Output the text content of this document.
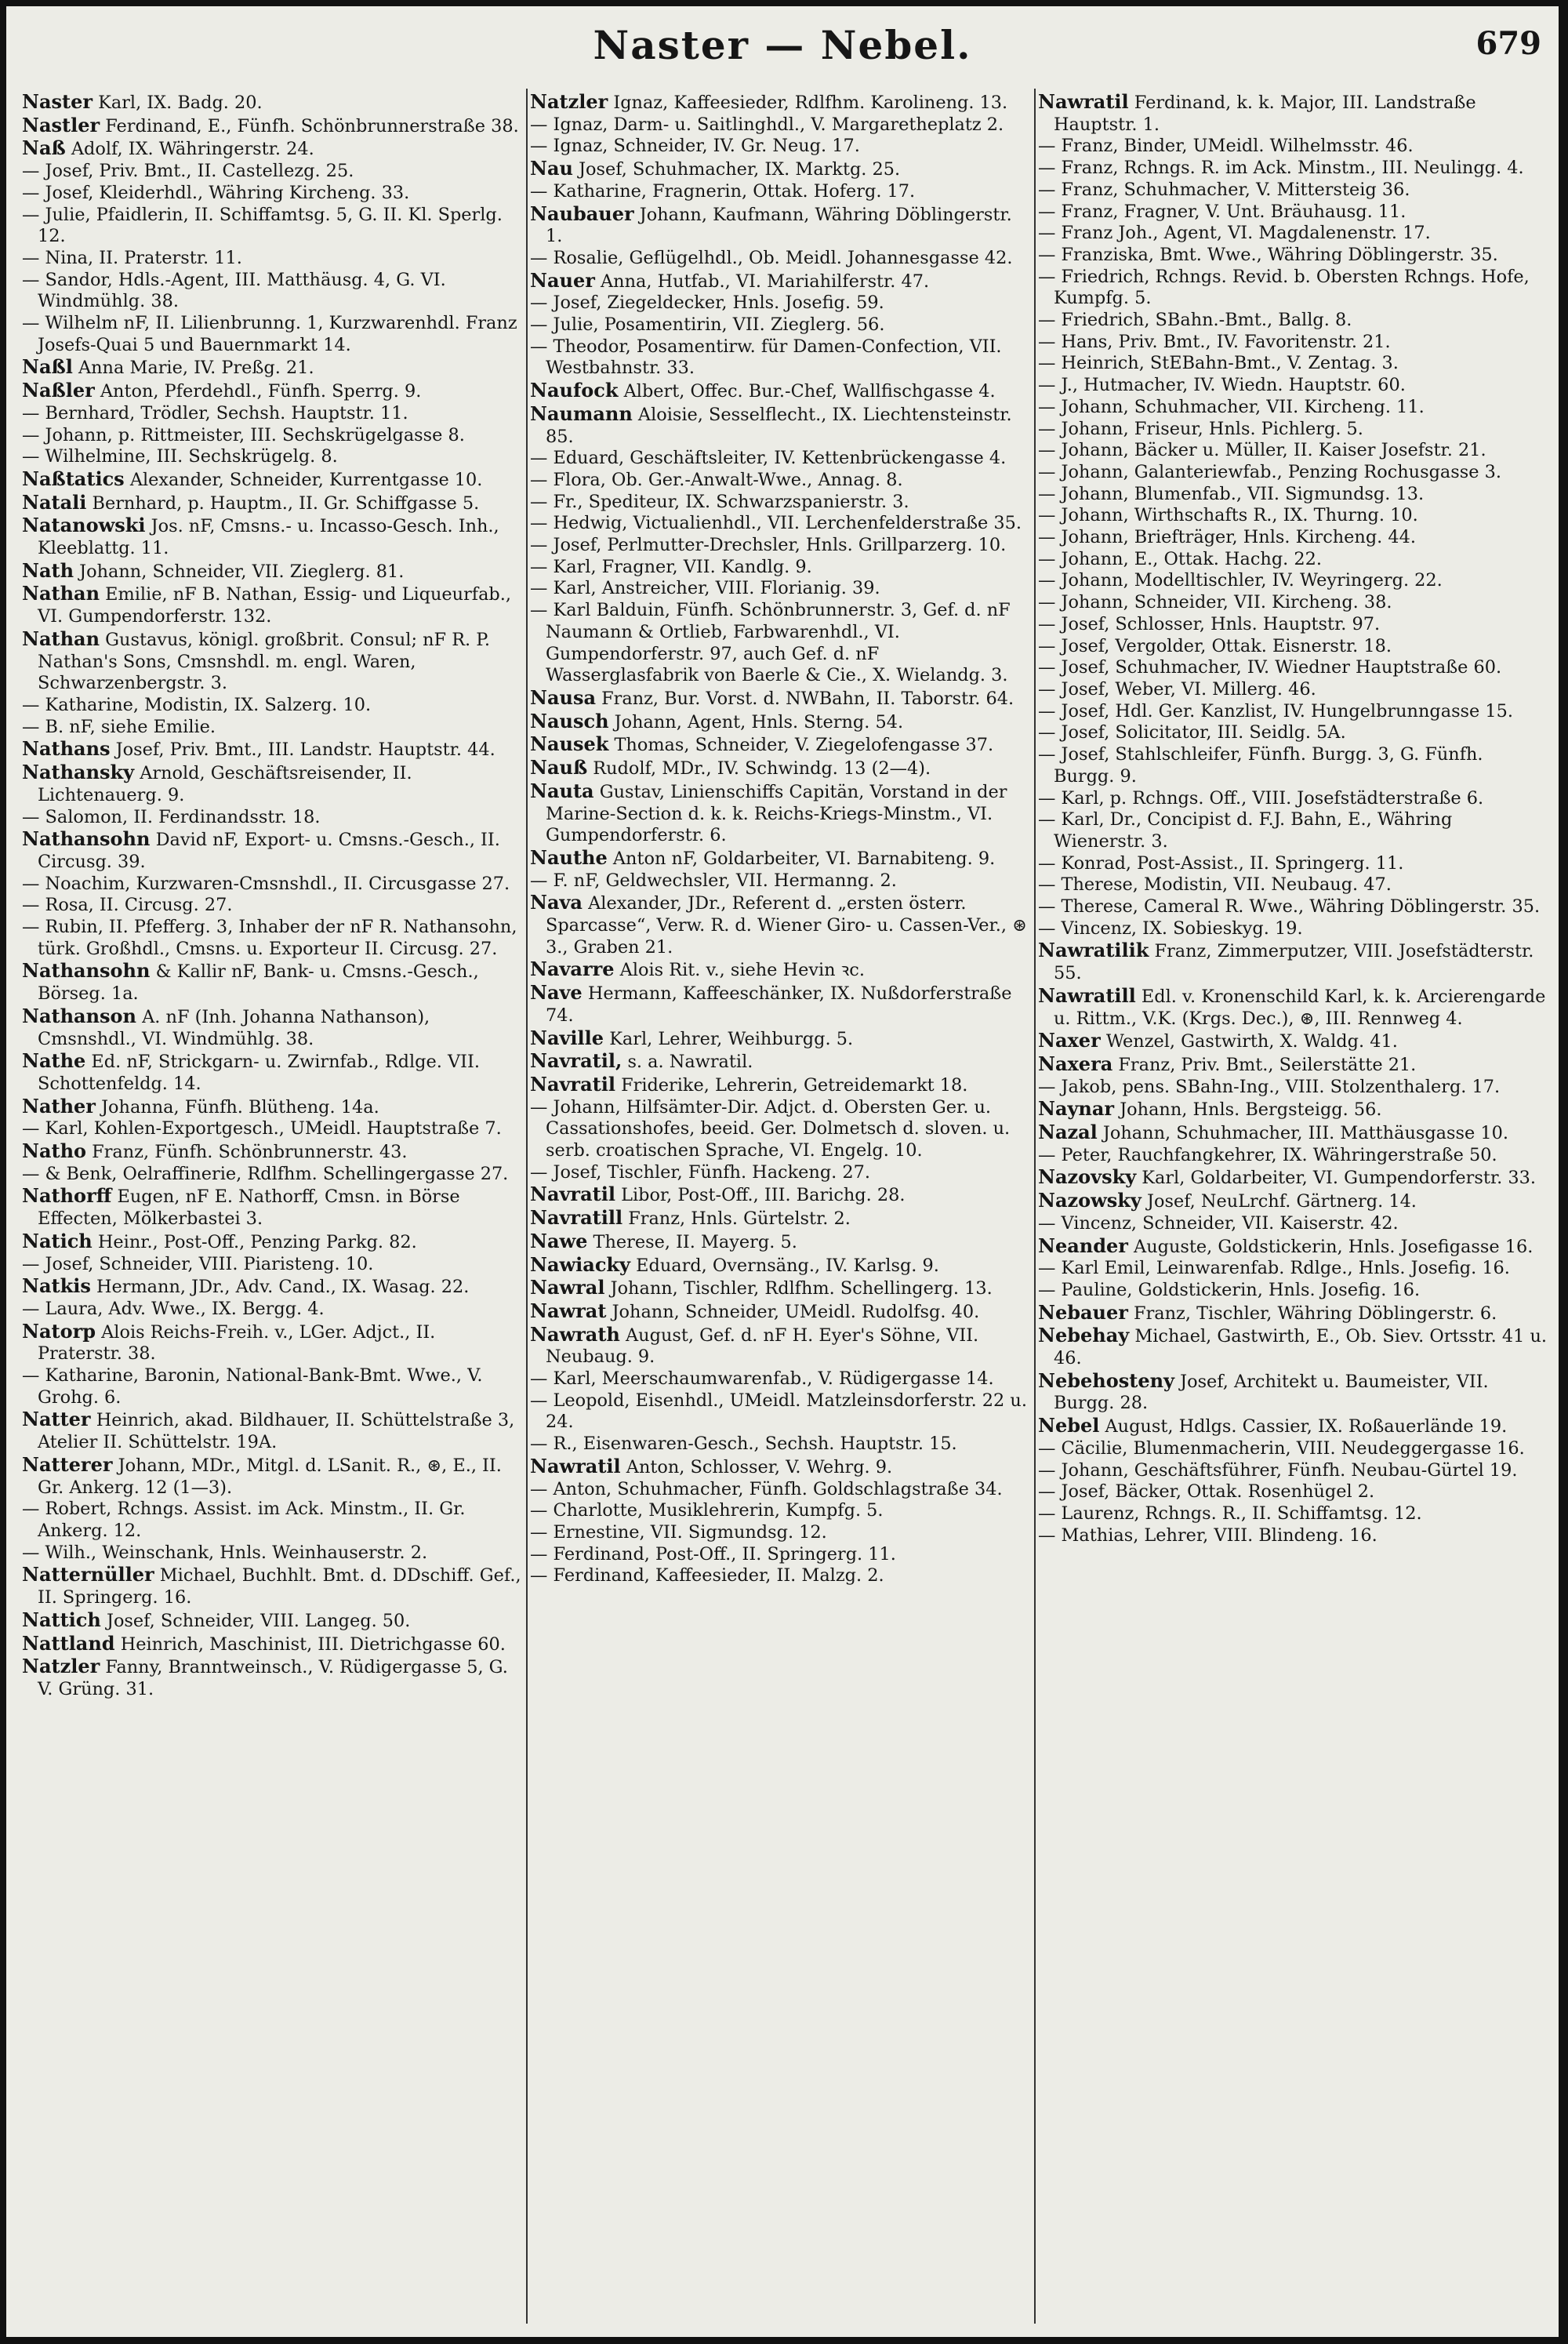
Naster — Nebel.	679

Naster Karl, IX. Badg. 20.

Nastler Ferdinand, E., Fünfh. Schönbrunnerstraße 38.

Naß Adolf, IX. Währingerstr. 24.

— Josef, Priv. Bmt., II. Castellezg. 25.

— Josef, Kleiderhdl., Währing Kircheng. 33.

— Julie, Pfaidlerin, II. Schiffamtsg. 5, G. II. Kl. Sperlg. 12.

— Nina, II. Praterstr. 11.

— Sandor, Hdls.-Agent, III. Matthäusg. 4, G. VI. Windmühlg. 38.

— Wilhelm nF, II. Lilienbrunng. 1, Kurzwarenhdl. Franz Josefs-Quai 5 und Bauernmarkt 14.

Naßl Anna Marie, IV. Preßg. 21.

Naßler Anton, Pferdehdl., Fünfh. Sperrg. 9.

— Bernhard, Trödler, Sechsh. Hauptstr. 11.

— Johann, p. Rittmeister, III. Sechskrügelgasse 8.

— Wilhelmine, III. Sechskrügelg. 8.

Naßtatics Alexander, Schneider, Kurrentgasse 10.

Natali Bernhard, p. Hauptm., II. Gr. Schiffgasse 5.

Natanowski Jos. nF, Cmsns.- u. Incasso-Gesch. Inh., Kleeblattg. 11.

Nath Johann, Schneider, VII. Zieglerg. 81.

Nathan Emilie, nF B. Nathan, Essig- und Liqueurfab., VI. Gumpendorferstr. 132.

Nathan Gustavus, königl. großbrit. Consul; nF R. P. Nathan's Sons, Cmsnshdl. m. engl. Waren, Schwarzenbergstr. 3.

— Katharine, Modistin, IX. Salzerg. 10.

— B. nF, siehe Emilie.

Nathans Josef, Priv. Bmt., III. Landstr. Hauptstr. 44.

Nathansky Arnold, Geschäftsreisender, II. Lichtenauerg. 9.

— Salomon, II. Ferdinandsstr. 18.

Nathansohn David nF, Export- u. Cmsns.-Gesch., II. Circusg. 39.

— Noachim, Kurzwaren-Cmsnshdl., II. Circusgasse 27.

— Rosa, II. Circusg. 27.

— Rubin, II. Pfefferg. 3, Inhaber der nF R. Nathansohn, türk. Großhdl., Cmsns. u. Exporteur II. Circusg. 27.

Nathansohn & Kallir nF, Bank- u. Cmsns.-Gesch., Börseg. 1a.

Nathanson A. nF (Inh. Johanna Nathanson), Cmsnshdl., VI. Windmühlg. 38.

Nathe Ed. nF, Strickgarn- u. Zwirnfab., Rdlge. VII. Schottenfeldg. 14.

Nather Johanna, Fünfh. Blütheng. 14a.

— Karl, Kohlen-Exportgesch., UMeidl. Hauptstraße 7.

Natho Franz, Fünfh. Schönbrunnerstr. 43.

— & Benk, Oelraffinerie, Rdlfhm. Schellingergasse 27.

Nathorff Eugen, nF E. Nathorff, Cmsn. in Börse Effecten, Mölkerbastei 3.

Natich Heinr., Post-Off., Penzing Parkg. 82.

— Josef, Schneider, VIII. Piaristeng. 10.

Natkis Hermann, JDr., Adv. Cand., IX. Wasag. 22.

— Laura, Adv. Wwe., IX. Bergg. 4.

Natorp Alois Reichs-Freih. v., LGer. Adjct., II. Praterstr. 38.

— Katharine, Baronin, National-Bank-Bmt. Wwe., V. Grohg. 6.

Natter Heinrich, akad. Bildhauer, II. Schüttelstraße 3, Atelier II. Schüttelstr. 19A.

Natterer Johann, MDr., Mitgl. d. LSanit. R., ⊛, E., II. Gr. Ankerg. 12 (1—3).

— Robert, Rchngs. Assist. im Ack. Minstm., II. Gr. Ankerg. 12.

— Wilh., Weinschank, Hnls. Weinhauserstr. 2.

Natternüller Michael, Buchhlt. Bmt. d. DDschiff. Gef., II. Springerg. 16.

Nattich Josef, Schneider, VIII. Langeg. 50.

Nattland Heinrich, Maschinist, III. Dietrichgasse 60.

Natzler Fanny, Branntweinsch., V. Rüdigergasse 5, G. V. Grüng. 31.

Natzler Ignaz, Kaffeesieder, Rdlfhm. Karolineng. 13.

— Ignaz, Darm- u. Saitlinghdl., V. Margaretheplatz 2.

— Ignaz, Schneider, IV. Gr. Neug. 17.

Nau Josef, Schuhmacher, IX. Marktg. 25.

— Katharine, Fragnerin, Ottak. Hoferg. 17.

Naubauer Johann, Kaufmann, Währing Döblingerstr. 1.

— Rosalie, Geflügelhdl., Ob. Meidl. Johannesgasse 42.

Nauer Anna, Hutfab., VI. Mariahilferstr. 47.

— Josef, Ziegeldecker, Hnls. Josefig. 59.

— Julie, Posamentirin, VII. Zieglerg. 56.

— Theodor, Posamentirw. für Damen-Confection, VII. Westbahnstr. 33.

Naufock Albert, Offec. Bur.-Chef, Wallfischgasse 4.

Naumann Aloisie, Sesselflecht., IX. Liechtensteinstr. 85.

— Eduard, Geschäftsleiter, IV. Kettenbrückengasse 4.

— Flora, Ob. Ger.-Anwalt-Wwe., Annag. 8.

— Fr., Spediteur, IX. Schwarzspanierstr. 3.

— Hedwig, Victualienhdl., VII. Lerchenfelderstraße 35.

— Josef, Perlmutter-Drechsler, Hnls. Grillparzerg. 10.

— Karl, Fragner, VII. Kandlg. 9.

— Karl, Anstreicher, VIII. Florianig. 39.

— Karl Balduin, Fünfh. Schönbrunnerstr. 3, Gef. d. nF Naumann & Ortlieb, Farbwarenhdl., VI. Gumpendorferstr. 97, auch Gef. d. nF Wasserglasfabrik von Baerle & Cie., X. Wielandg. 3.

Nausa Franz, Bur. Vorst. d. NWBahn, II. Taborstr. 64.

Nausch Johann, Agent, Hnls. Sterng. 54.

Nausek Thomas, Schneider, V. Ziegelofengasse 37.

Nauß Rudolf, MDr., IV. Schwindg. 13 (2—4).

Nauta Gustav, Linienschiffs Capitän, Vorstand in der Marine-Section d. k. k. Reichs-Kriegs-Minstm., VI. Gumpendorferstr. 6.

Nauthe Anton nF, Goldarbeiter, VI. Barnabiteng. 9.

— F. nF, Geldwechsler, VII. Hermanng. 2.

Nava Alexander, JDr., Referent d. „ersten österr. Sparcasse“, Verw. R. d. Wiener Giro- u. Cassen-Ver., ⊛ 3., Graben 21.

Navarre Alois Rit. v., siehe Hevin ꝛc.

Nave Hermann, Kaffeeschänker, IX. Nußdorferstraße 74.

Naville Karl, Lehrer, Weihburgg. 5.

Navratil, s. a. Nawratil.

Navratil Friderike, Lehrerin, Getreidemarkt 18.

— Johann, Hilfsämter-Dir. Adjct. d. Obersten Ger. u. Cassationshofes, beeid. Ger. Dolmetsch d. sloven. u. serb. croatischen Sprache, VI. Engelg. 10.

— Josef, Tischler, Fünfh. Hackeng. 27.

Navratil Libor, Post-Off., III. Barichg. 28.

Navratill Franz, Hnls. Gürtelstr. 2.

Nawe Therese, II. Mayerg. 5.

Nawiacky Eduard, Overnsäng., IV. Karlsg. 9.

Nawral Johann, Tischler, Rdlfhm. Schellingerg. 13.

Nawrat Johann, Schneider, UMeidl. Rudolfsg. 40.

Nawrath August, Gef. d. nF H. Eyer's Söhne, VII. Neubaug. 9.

— Karl, Meerschaumwarenfab., V. Rüdigergasse 14.

— Leopold, Eisenhdl., UMeidl. Matzleinsdorferstr. 22 u. 24.

— R., Eisenwaren-Gesch., Sechsh. Hauptstr. 15.

Nawratil Anton, Schlosser, V. Wehrg. 9.

— Anton, Schuhmacher, Fünfh. Goldschlagstraße 34.

— Charlotte, Musiklehrerin, Kumpfg. 5.

— Ernestine, VII. Sigmundsg. 12.

— Ferdinand, Post-Off., II. Springerg. 11.

— Ferdinand, Kaffeesieder, II. Malzg. 2.

Nawratil Ferdinand, k. k. Major, III. Landstraße Hauptstr. 1.

— Franz, Binder, UMeidl. Wilhelmsstr. 46.

— Franz, Rchngs. R. im Ack. Minstm., III. Neulingg. 4.

— Franz, Schuhmacher, V. Mittersteig 36.

— Franz, Fragner, V. Unt. Bräuhausg. 11.

— Franz Joh., Agent, VI. Magdalenenstr. 17.

— Franziska, Bmt. Wwe., Währing Döblingerstr. 35.

— Friedrich, Rchngs. Revid. b. Obersten Rchngs. Hofe, Kumpfg. 5.

— Friedrich, SBahn.-Bmt., Ballg. 8.

— Hans, Priv. Bmt., IV. Favoritenstr. 21.

— Heinrich, StEBahn-Bmt., V. Zentag. 3.

— J., Hutmacher, IV. Wiedn. Hauptstr. 60.

— Johann, Schuhmacher, VII. Kircheng. 11.

— Johann, Friseur, Hnls. Pichlerg. 5.

— Johann, Bäcker u. Müller, II. Kaiser Josefstr. 21.

— Johann, Galanteriewfab., Penzing Rochusgasse 3.

— Johann, Blumenfab., VII. Sigmundsg. 13.

— Johann, Wirthschafts R., IX. Thurng. 10.

— Johann, Briefträger, Hnls. Kircheng. 44.

— Johann, E., Ottak. Hachg. 22.

— Johann, Modelltischler, IV. Weyringerg. 22.

— Johann, Schneider, VII. Kircheng. 38.

— Josef, Schlosser, Hnls. Hauptstr. 97.

— Josef, Vergolder, Ottak. Eisnerstr. 18.

— Josef, Schuhmacher, IV. Wiedner Hauptstraße 60.

— Josef, Weber, VI. Millerg. 46.

— Josef, Hdl. Ger. Kanzlist, IV. Hungelbrunngasse 15.

— Josef, Solicitator, III. Seidlg. 5A.

— Josef, Stahlschleifer, Fünfh. Burgg. 3, G. Fünfh. Burgg. 9.

— Karl, p. Rchngs. Off., VIII. Josefstädterstraße 6.

— Karl, Dr., Concipist d. F.J. Bahn, E., Währing Wienerstr. 3.

— Konrad, Post-Assist., II. Springerg. 11.

— Therese, Modistin, VII. Neubaug. 47.

— Therese, Cameral R. Wwe., Währing Döblingerstr. 35.

— Vincenz, IX. Sobieskyg. 19.

Nawratilik Franz, Zimmerputzer, VIII. Josefstädterstr. 55.

Nawratill Edl. v. Kronenschild Karl, k. k. Arcierengarde u. Rittm., V.K. (Krgs. Dec.), ⊛, III. Rennweg 4.

Naxer Wenzel, Gastwirth, X. Waldg. 41.

Naxera Franz, Priv. Bmt., Seilerstätte 21.

— Jakob, pens. SBahn-Ing., VIII. Stolzenthalerg. 17.

Naynar Johann, Hnls. Bergsteigg. 56.

Nazal Johann, Schuhmacher, III. Matthäusgasse 10.

— Peter, Rauchfangkehrer, IX. Währingerstraße 50.

Nazovsky Karl, Goldarbeiter, VI. Gumpendorferstr. 33.

Nazowsky Josef, NeuLrchf. Gärtnerg. 14.

— Vincenz, Schneider, VII. Kaiserstr. 42.

Neander Auguste, Goldstickerin, Hnls. Josefigasse 16.

— Karl Emil, Leinwarenfab. Rdlge., Hnls. Josefig. 16.

— Pauline, Goldstickerin, Hnls. Josefig. 16.

Nebauer Franz, Tischler, Währing Döblingerstr. 6.

Nebehay Michael, Gastwirth, E., Ob. Siev. Ortsstr. 41 u. 46.

Nebehosteny Josef, Architekt u. Baumeister, VII. Burgg. 28.

Nebel August, Hdlgs. Cassier, IX. Roßauerlände 19.

— Cäcilie, Blumenmacherin, VIII. Neudeggergasse 16.

— Johann, Geschäftsführer, Fünfh. Neubau-Gürtel 19.

— Josef, Bäcker, Ottak. Rosenhügel 2.

— Laurenz, Rchngs. R., II. Schiffamtsg. 12.

— Mathias, Lehrer, VIII. Blindeng. 16.
